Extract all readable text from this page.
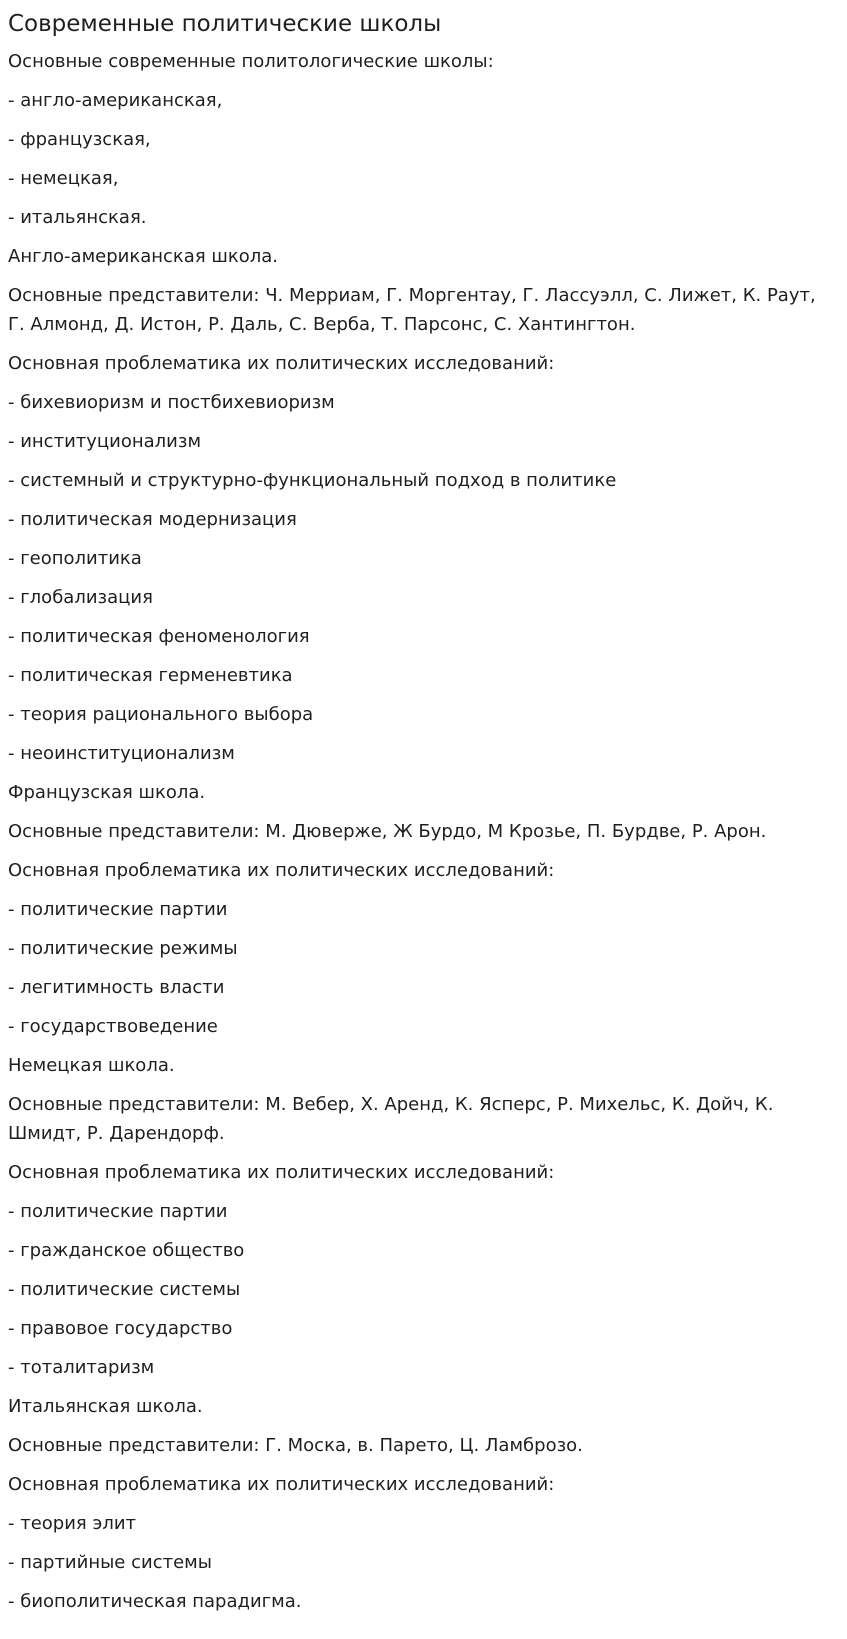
Современные политические школы

Основные современные политологические школы:

- англо-американская,

- французская,

- немецкая,

- итальянская.

Англо-американская школа.

Основные представители: Ч. Мерриам, Г. Моргентау, Г. Лассуэлл, С. Лижет, К. Раут, Г. Алмонд, Д. Истон, Р. Даль, С. Верба, Т. Парсонс, С. Хантингтон.

Основная проблематика их политических исследований:

- бихевиоризм и постбихевиоризм

- институционализм

- системный и структурно-функциональный подход в политике

- политическая модернизация

- геополитика

- глобализация

- политическая феноменология

- политическая герменевтика

- теория рационального выбора

- неоинституционализм

Французская школа.

Основные представители: М. Дюверже, Ж Бурдо, М Крозье, П. Бурдве, Р. Арон.

Основная проблематика их политических исследований:

- политические партии

- политические режимы

- легитимность власти

- государствоведение

Немецкая школа.

Основные представители: М. Вебер, Х. Аренд, К. Ясперс, Р. Михельс, К. Дойч, К. Шмидт, Р. Дарендорф.

Основная проблематика их политических исследований:

- политические партии

- гражданское общество

- политические системы

- правовое государство

- тоталитаризм

Итальянская школа.

Основные представители: Г. Моска, в. Парето, Ц. Ламброзо.

Основная проблематика их политических исследований:

- теория элит

- партийные системы

- биополитическая парадигма.
